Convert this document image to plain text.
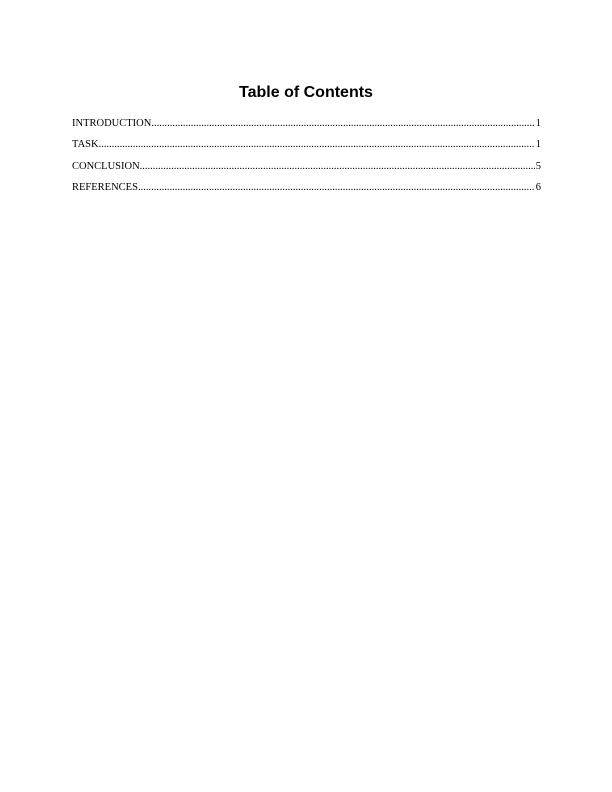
Table of Contents
INTRODUCTION .....	1
TASK .....	1
CONCLUSION .....	5
REFERENCES .....	6
